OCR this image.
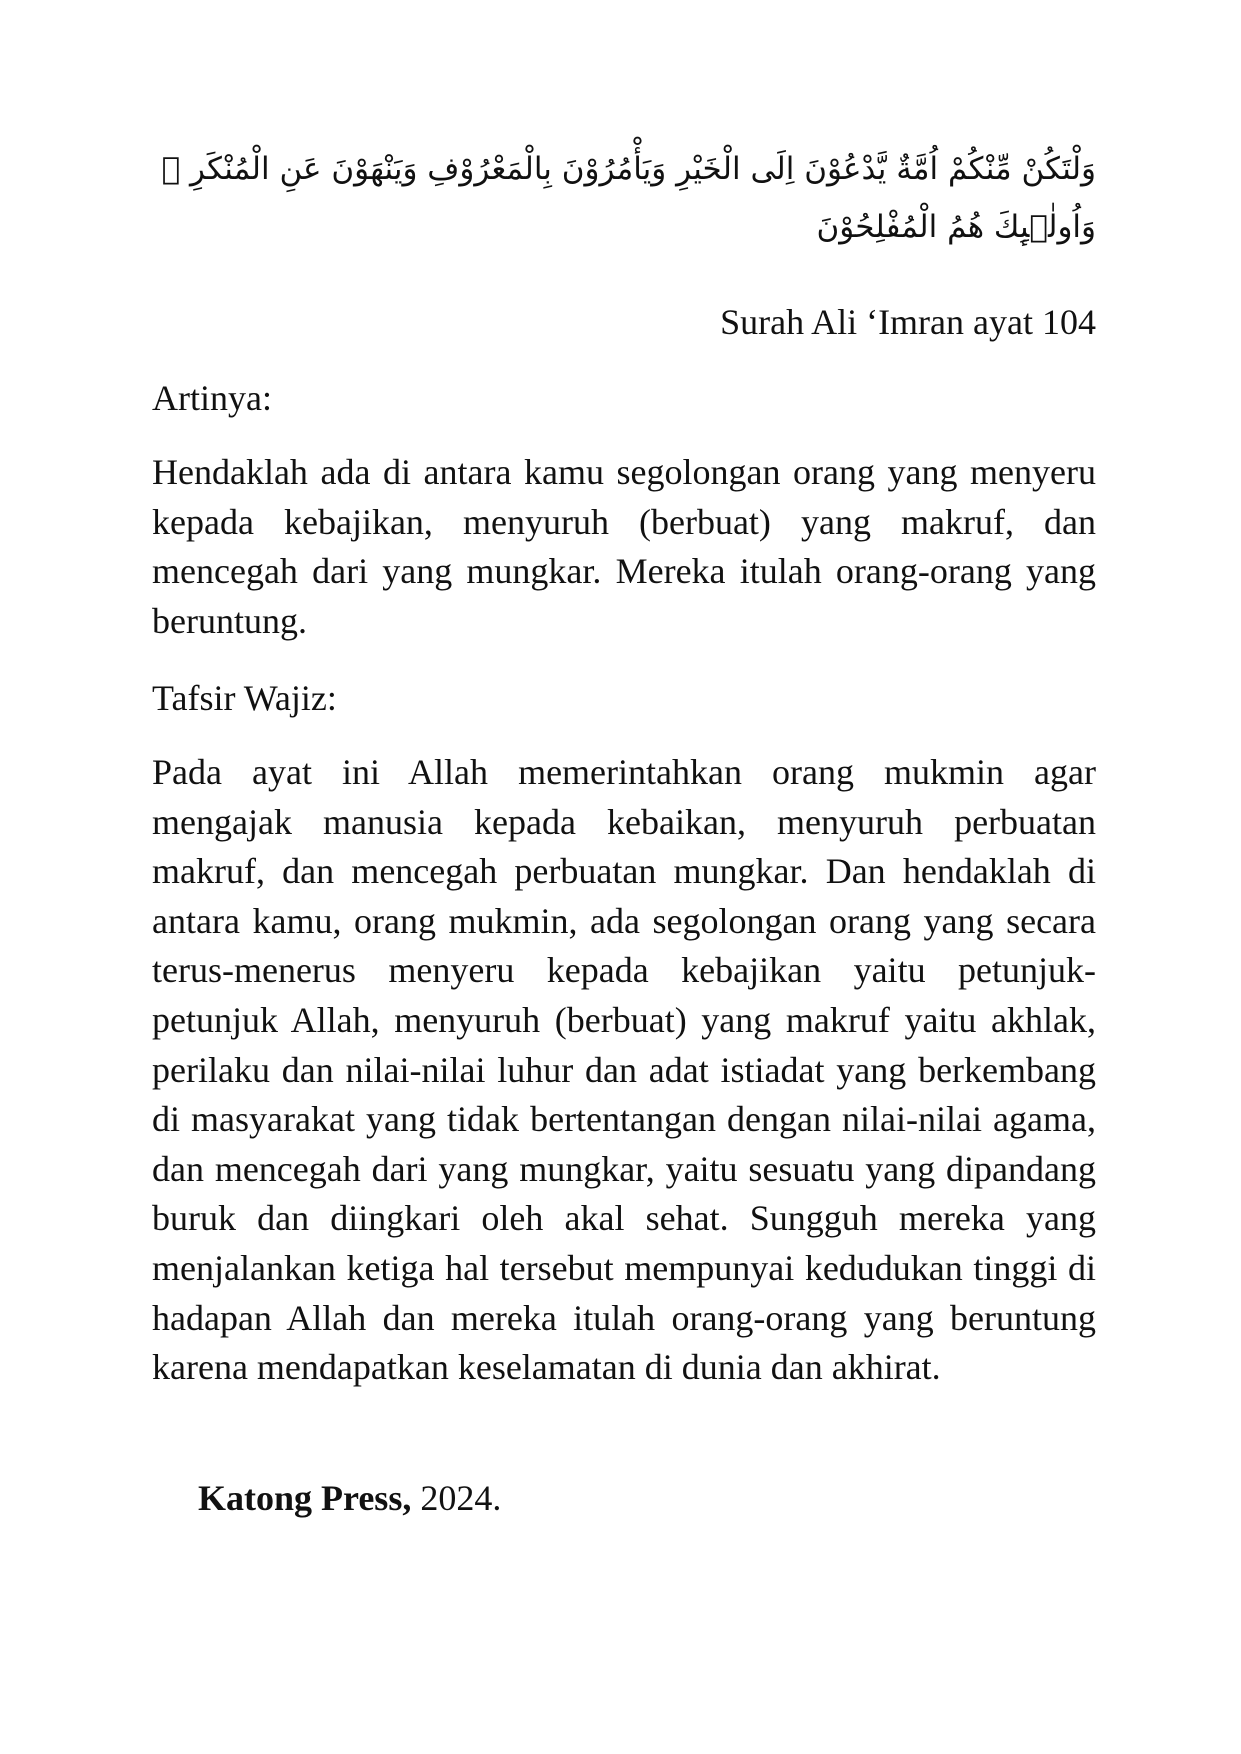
وَلْتَكُنْ مِّنْكُمْ اُمَّةٌ يَّدْعُوْنَ اِلَى الْخَيْرِ وَيَأْمُرُوْنَ بِالْمَعْرُوْفِ وَيَنْهَوْنَ عَنِ الْمُنْكَرِ ۗ وَاُولٰۤىِٕكَ هُمُ الْمُفْلِحُوْنَ
Surah Ali ‘Imran ayat 104
Artinya:

Hendaklah ada di antara kamu segolongan orang yang menyeru kepada kebajikan, menyuruh (berbuat) yang makruf, dan mencegah dari yang mungkar. Mereka itulah orang-orang yang beruntung.

Tafsir Wajiz:

Pada ayat ini Allah memerintahkan orang mukmin agar mengajak manusia kepada kebaikan, menyuruh perbuatan makruf, dan mencegah perbuatan mungkar. Dan hendaklah di antara kamu, orang mukmin, ada segolongan orang yang secara terus-menerus menyeru kepada kebajikan yaitu petunjuk-petunjuk Allah, menyuruh (berbuat) yang makruf yaitu akhlak, perilaku dan nilai-nilai luhur dan adat istiadat yang berkembang di masyarakat yang tidak bertentangan dengan nilai-nilai agama, dan mencegah dari yang mungkar, yaitu sesuatu yang dipandang buruk dan diingkari oleh akal sehat. Sungguh mereka yang menjalankan ketiga hal tersebut mempunyai kedudukan tinggi di hadapan Allah dan mereka itulah orang-orang yang beruntung karena mendapatkan keselamatan di dunia dan akhirat.

Katong Press, 2024.
